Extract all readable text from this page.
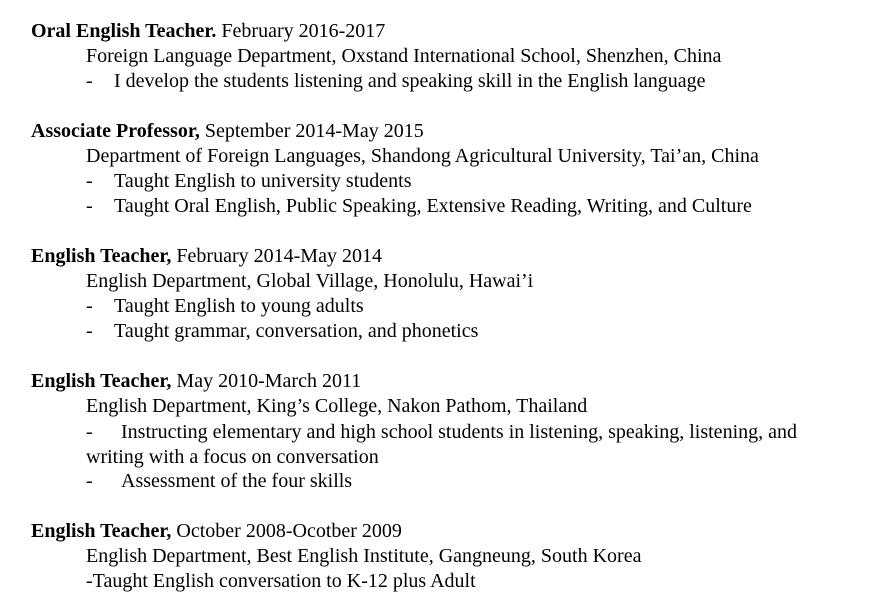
Oral English Teacher. February 2016-2017
Foreign Language Department, Oxstand International School, Shenzhen, China
- I develop the students listening and speaking skill in the English language
Associate Professor, September 2014-May 2015
Department of Foreign Languages, Shandong Agricultural University, Tai’an, China
- Taught English to university students
- Taught Oral English, Public Speaking, Extensive Reading, Writing, and Culture
English Teacher, February 2014-May 2014
English Department, Global Village, Honolulu, Hawai’i
- Taught English to young adults
- Taught grammar, conversation, and phonetics
English Teacher, May 2010-March 2011
English Department, King’s College, Nakon Pathom, Thailand
- Instructing elementary and high school students in listening, speaking, listening, and
writing with a focus on conversation
- Assessment of the four skills
English Teacher, October 2008-Ocotber 2009
English Department, Best English Institute, Gangneung, South Korea
-Taught English conversation to K-12 plus Adult
